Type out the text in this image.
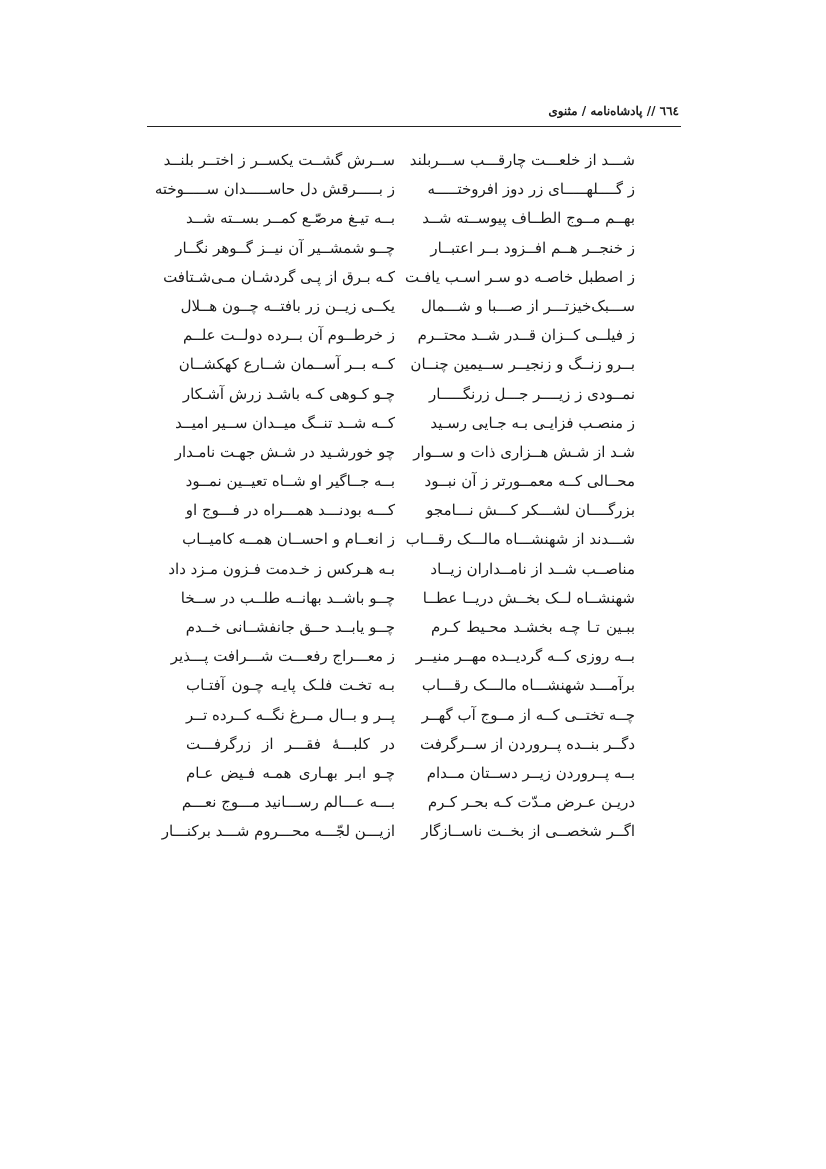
٦٦٤ // پادشاه‌نامه / مثنوی
شـــد از خلعـــت چارقـــب ســـربلند
ســرش گشــت یکســر ز اختــر بلنــد
ز گــــلهـــــای زر دوز افروختـــــه
ز بـــــرقش دل حاســـــدان ســـــوخته
بهــم مــوج الطــاف پیوســته شــد
بــه تیـغ مرصّـع کمــر بســته شــد
ز خنجــر هــم افــزود بــر اعتبــار
چــو شمشــیر آن نیــز گــوهر نگــار
ز اصطبل خاصـه دو سـر اسـب یافـت
کـه بـرق از پـی گردشـان مـی‌شـتافت
ســـبک‌خیزتـــر از صـــبا و شـــمال
یکــی زیــن زر بافتــه چــون هــلال
ز فیلــی کــزان قــدر شــد محتــرم
ز خرطــوم آن بــرده دولــت علــم
بــرو زنــگ و زنجیــر ســیمین چنــان
کــه بــر آســمان شــارع کهکشــان
نمــودی ز زیــــر جـــل زرنگـــــار
چـو کـوهی کـه باشـد زرش آشـکار
ز منصـب فزایـی بـه جـایی رسـید
کــه شــد تنــگ میــدان ســیر امیــد
شـد از شـش هــزاری ذات و ســوار
چو خورشـید در شـش جهـت نامـدار
محــالی کــه معمــورتر ز آن نبــود
بــه جــاگیر او شــاه تعیــین نمــود
بزرگــــان لشـــکر کـــش نـــامجو
کـــه بودنـــد همـــراه در فـــوج او
شـــدند از شهنشـــاه مالـــک رقـــاب
ز انعــام و احســان همــه کامیــاب
مناصــب شــد از نامــداران زیــاد
بـه هـرکس ز خـدمت فـزون مـزد داد
شهنشــاه لــک بخــش دریــا عطــا
چــو باشــد بهانــه طلــب در ســخا
ببـین تـا چـه بخشـد محـیط کـرم
چــو یابــد حــق جانفشــانی خــدم
بــه روزی کــه گردیــده مهــر منیــر
ز معـــراج رفعـــت شـــرافت پـــذیر
برآمـــد شهنشـــاه مالـــک رقـــاب
بـه تخـت فلـک پایـه چـون آفتـاب
چــه تختــی کــه از مــوج آب گهــر
پــر و بــال مــرغ نگــه کــرده تــر
دگــر بنــده پــروردن از ســرگرفت
در کلبـــهٔ فقـــر از زرگرفـــت
بــه پــروردن زیــر دســتان مــدام
چـو ابـر بهـاری همـه فـیض عـام
دریـن عـرض مـدّت کـه بحـر کـرم
بـــه عـــالم رســـانید مـــوج نعـــم
اگــر شخصــی از بخــت ناســازگار
ازیـــن لجّـــه محـــروم شـــد برکنـــار
